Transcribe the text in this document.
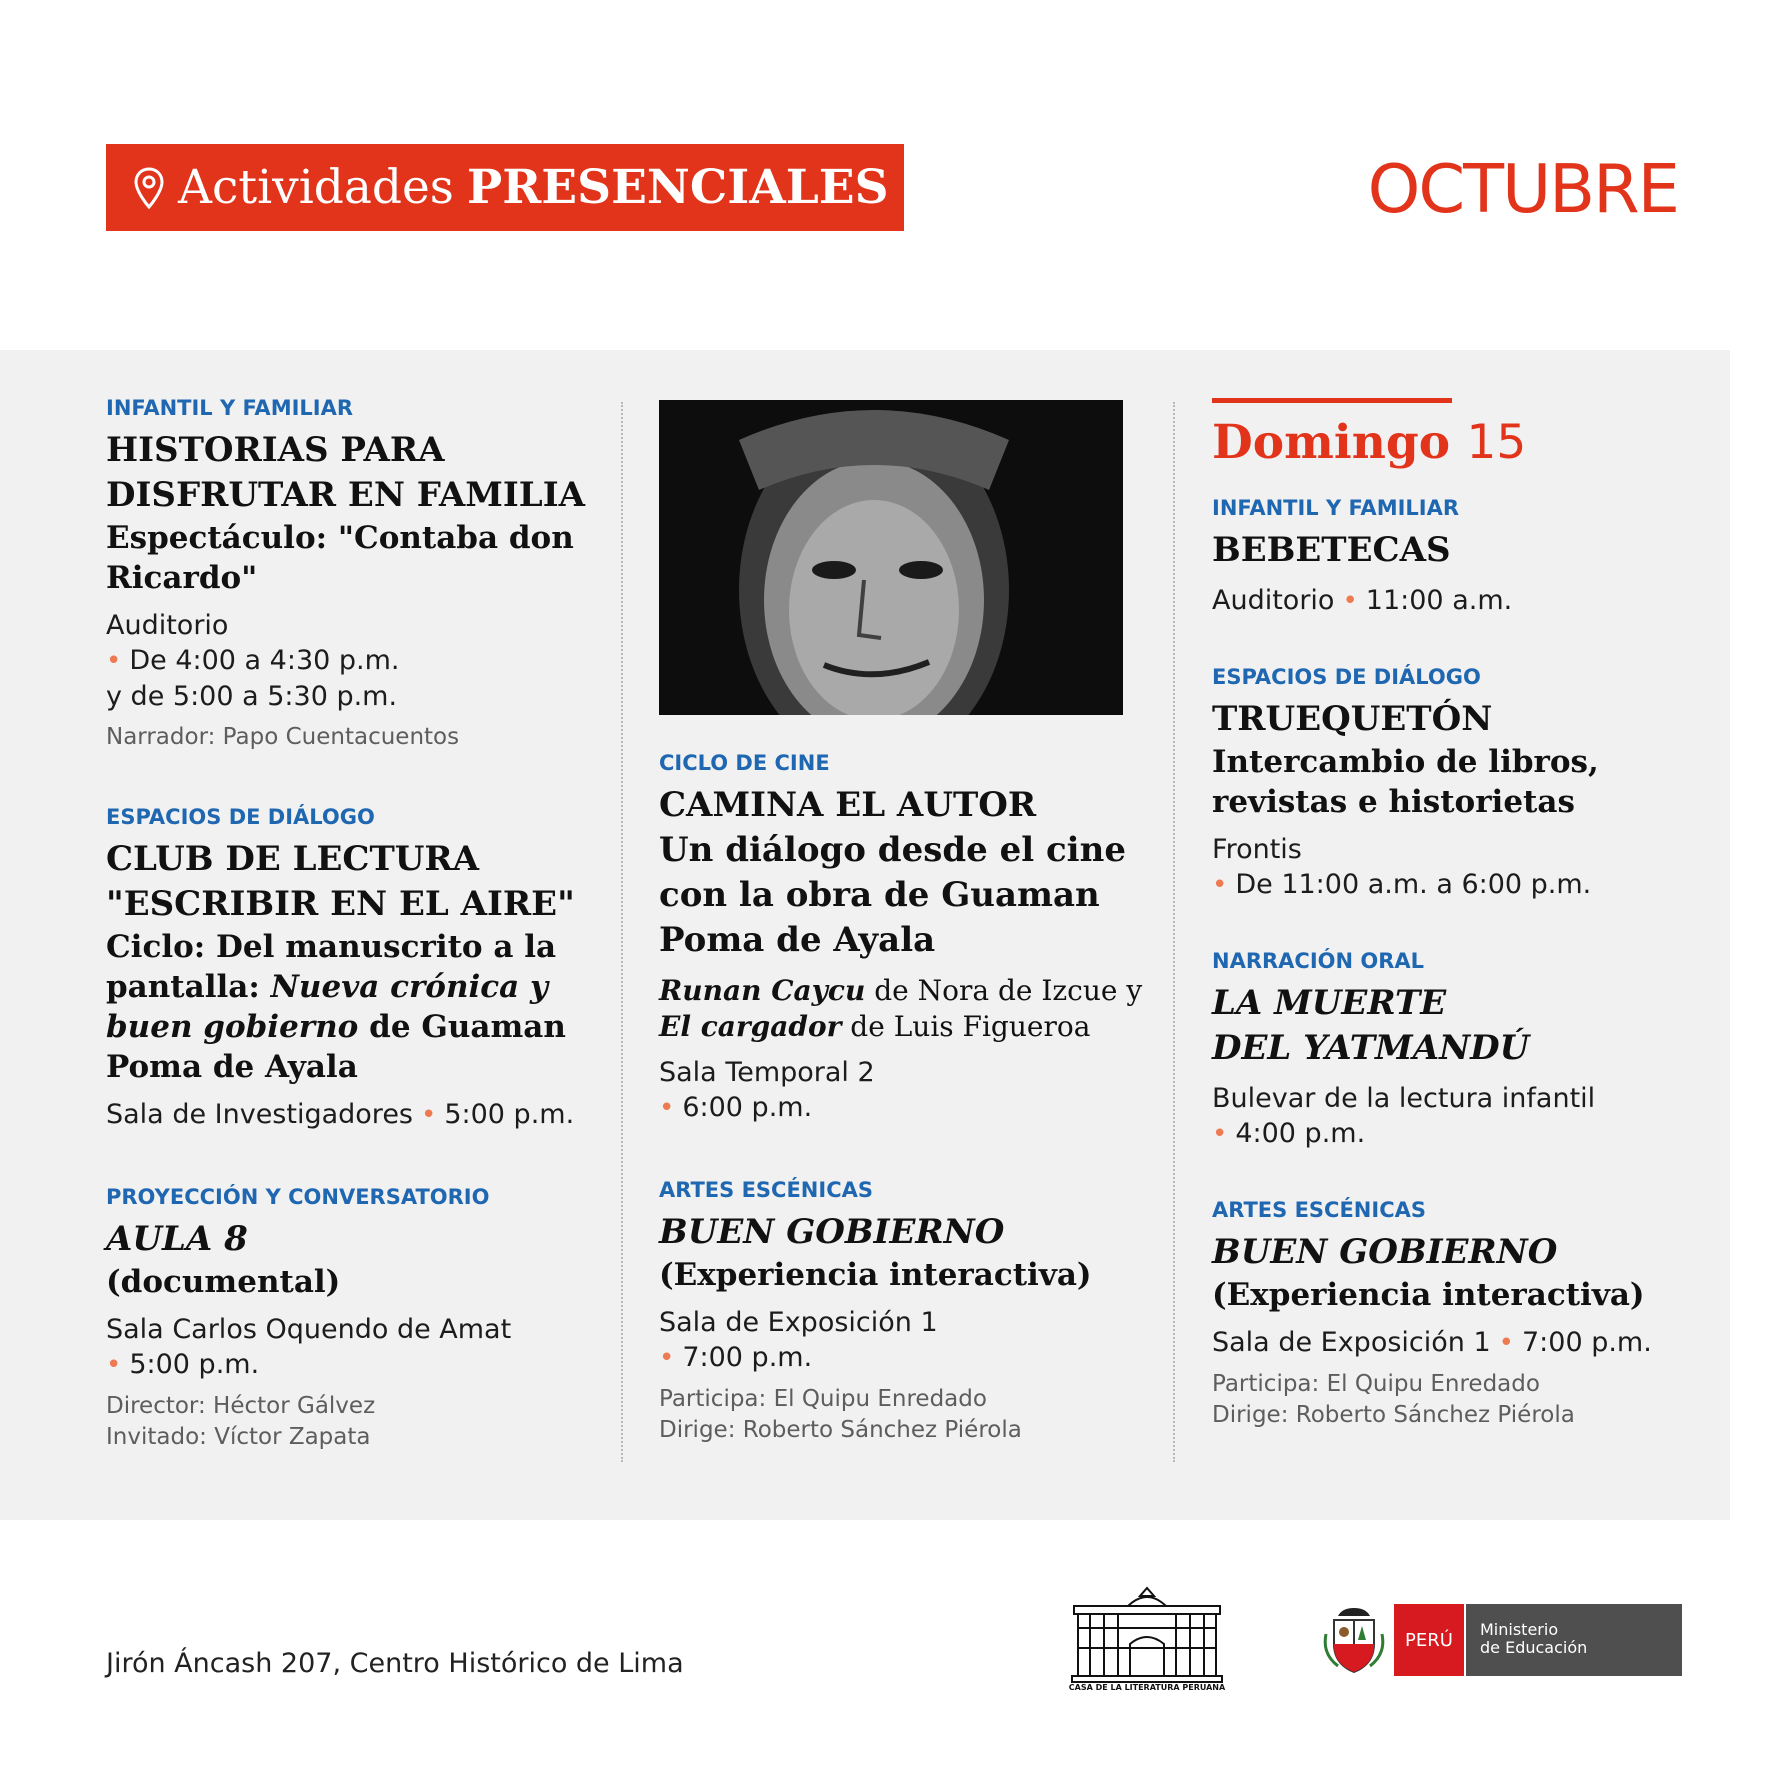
Actividades PRESENCIALES	OCTUBRE
INFANTIL Y FAMILIAR
HISTORIAS PARA DISFRUTAR EN FAMILIA
Espectáculo: "Contaba don Ricardo"
Auditorio
• De 4:00 a 4:30 p.m.
y de 5:00 a 5:30 p.m.
Narrador: Papo Cuentacuentos
ESPACIOS DE DIÁLOGO
CLUB DE LECTURA "ESCRIBIR EN EL AIRE"
Ciclo: Del manuscrito a la pantalla: Nueva crónica y buen gobierno de Guaman Poma de Ayala
Sala de Investigadores • 5:00 p.m.
PROYECCIÓN Y CONVERSATORIO
AULA 8
(documental)
Sala Carlos Oquendo de Amat
• 5:00 p.m.
Director: Héctor Gálvez
Invitado: Víctor Zapata
CICLO DE CINE
CAMINA EL AUTOR
Un diálogo desde el cine con la obra de Guaman Poma de Ayala
Runan Caycu de Nora de Izcue y
El cargador de Luis Figueroa
Sala Temporal 2
• 6:00 p.m.
ARTES ESCÉNICAS
BUEN GOBIERNO
(Experiencia interactiva)
Sala de Exposición 1
• 7:00 p.m.
Participa: El Quipu Enredado
Dirige: Roberto Sánchez Piérola
Domingo 15
INFANTIL Y FAMILIAR
BEBETECAS
Auditorio • 11:00 a.m.
ESPACIOS DE DIÁLOGO
TRUEQUETÓN
Intercambio de libros, revistas e historietas
Frontis
• De 11:00 a.m. a 6:00 p.m.
NARRACIÓN ORAL
LA MUERTE
DEL YATMANDÚ
Bulevar de la lectura infantil
• 4:00 p.m.
ARTES ESCÉNICAS
BUEN GOBIERNO
(Experiencia interactiva)
Sala de Exposición 1 • 7:00 p.m.
Participa: El Quipu Enredado
Dirige: Roberto Sánchez Piérola
Jirón Áncash 207, Centro Histórico de Lima
CASA DE LA LITERATURA PERUANA
PERÚ	Ministerio
de Educación
